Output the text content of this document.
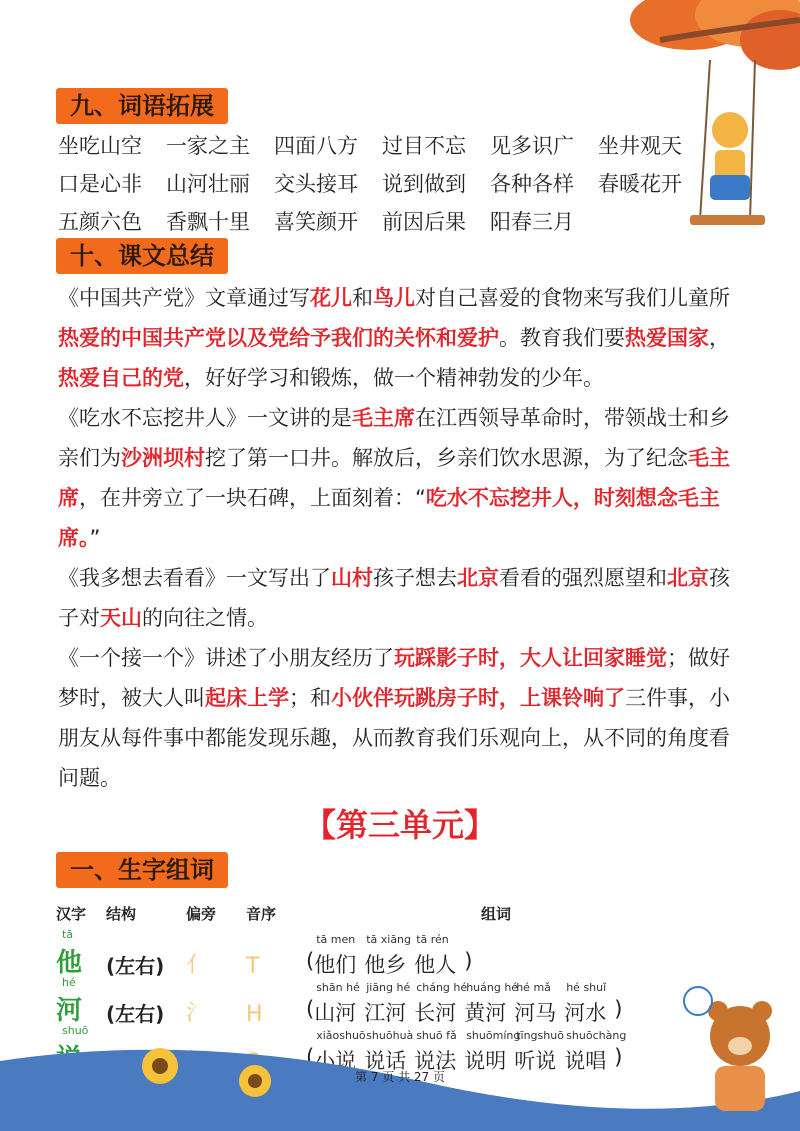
九、词语拓展
坐吃山空	一家之主	四面八方	过目不忘	见多识广	坐井观天
口是心非	山河壮丽	交头接耳	说到做到	各种各样	春暖花开
五颜六色	香飘十里	喜笑颜开	前因后果	阳春三月
十、课文总结

《中国共产党》文章通过写花儿和鸟儿对自己喜爱的食物来写我们儿童所热爱的中国共产党以及党给予我们的关怀和爱护。教育我们要热爱国家，热爱自己的党，好好学习和锻炼，做一个精神勃发的少年。

《吃水不忘挖井人》一文讲的是毛主席在江西领导革命时，带领战士和乡亲们为沙洲坝村挖了第一口井。解放后，乡亲们饮水思源，为了纪念毛主席，在井旁立了一块石碑，上面刻着：“吃水不忘挖井人，时刻想念毛主席。”

《我多想去看看》一文写出了山村孩子想去北京看看的强烈愿望和北京孩子对天山的向往之情。

《一个接一个》讲述了小朋友经历了玩踩影子时，大人让回家睡觉；做好梦时，被大人叫起床上学；和小伙伴玩跳房子时，上课铃响了三件事，小朋友从每件事中都能发现乐趣，从而教育我们乐观向上，从不同的角度看问题。

【第三单元】
一、生字组词
汉字	结构	偏旁	音序	组词
tā
他	(左右) 亻	T	(
tā men
他们
tā xiāng
他乡
tā rén
他人 )
hé
河	(左右) 氵	H	(
shān hé
山河
jiāng hé
江河
cháng hé
长河
huáng hé
黄河
hé mǎ
河马
hé shuǐ
河水 )
shuō
(
xiǎoshuō
小说
shuōhuà
说话
shuō fǎ
说法
shuōmíng
说明
tīngshuō
听说
shuōchàng
说唱 )
第 7 页 共 27 页
